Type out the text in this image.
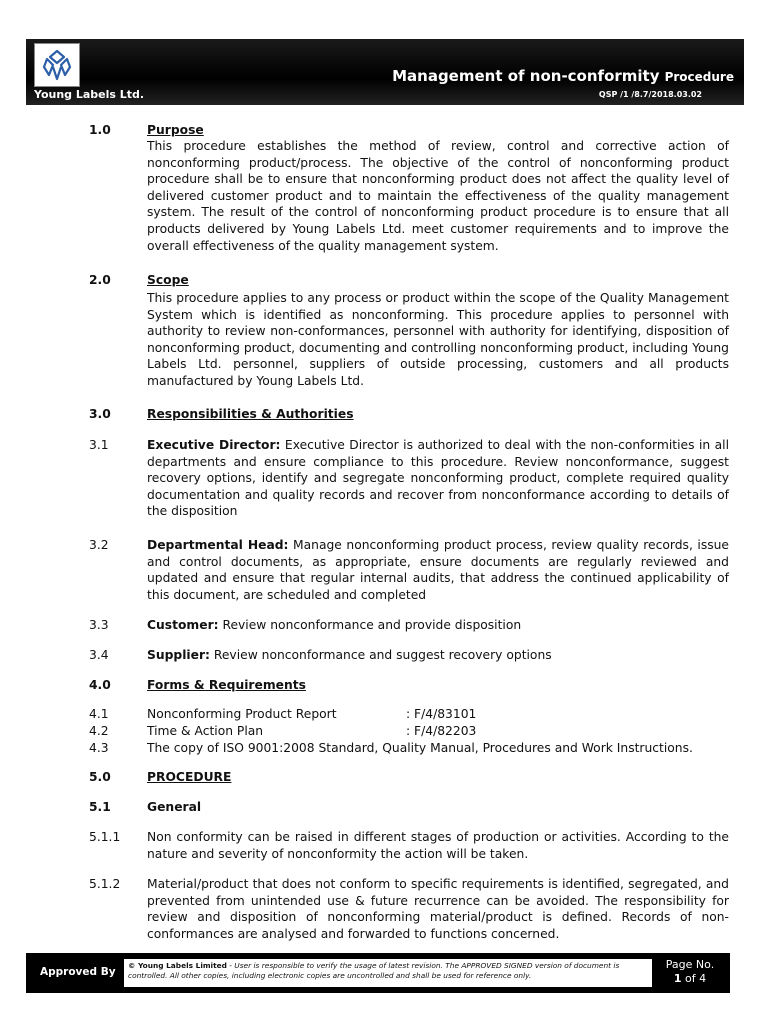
Young Labels Ltd.
Management of non-conformity Procedure
QSP /1 /8.7/2018.03.02
1.0	Purpose
This procedure establishes the method of review, control and corrective action of nonconforming product/process. The objective of the control of nonconforming product procedure shall be to ensure that nonconforming product does not affect the quality level of delivered customer product and to maintain the effectiveness of the quality management system. The result of the control of nonconforming product procedure is to ensure that all products delivered by Young Labels Ltd. meet customer requirements and to improve the overall effectiveness of the quality management system.
2.0	Scope
This procedure applies to any process or product within the scope of the Quality Management System which is identified as nonconforming. This procedure applies to personnel with authority to review non-conformances, personnel with authority for identifying, disposition of nonconforming product, documenting and controlling nonconforming product, including Young Labels Ltd. personnel, suppliers of outside processing, customers and all products manufactured by Young Labels Ltd.
3.0	Responsibilities & Authorities
3.1	Executive Director: Executive Director is authorized to deal with the non-conformities in all departments and ensure compliance to this procedure. Review nonconformance, suggest recovery options, identify and segregate nonconforming product, complete required quality documentation and quality records and recover from nonconformance according to details of the disposition
3.2	Departmental Head: Manage nonconforming product process, review quality records, issue and control documents, as appropriate, ensure documents are regularly reviewed and updated and ensure that regular internal audits, that address the continued applicability of this document, are scheduled and completed
3.3	Customer: Review nonconformance and provide disposition
3.4	Supplier: Review nonconformance and suggest recovery options
4.0	Forms & Requirements
4.1	Nonconforming Product Report	: F/4/83101
4.2	Time & Action Plan	: F/4/82203
4.3	The copy of ISO 9001:2008 Standard, Quality Manual, Procedures and Work Instructions.
5.0	PROCEDURE
5.1	General
5.1.1 Non conformity can be raised in different stages of production or activities. According to the nature and severity of nonconformity the action will be taken.
5.1.2 Material/product that does not conform to specific requirements is identified, segregated, and prevented from unintended use & future recurrence can be avoided. The responsibility for review and disposition of nonconforming material/product is defined. Records of non-conformances are analysed and forwarded to functions concerned.
Approved By
© Young Labels Limited - User is responsible to verify the usage of latest revision. The APPROVED SIGNED version of document is controlled. All other copies, including electronic copies are uncontrolled and shall be used for reference only.
Page No.
1 of 4
